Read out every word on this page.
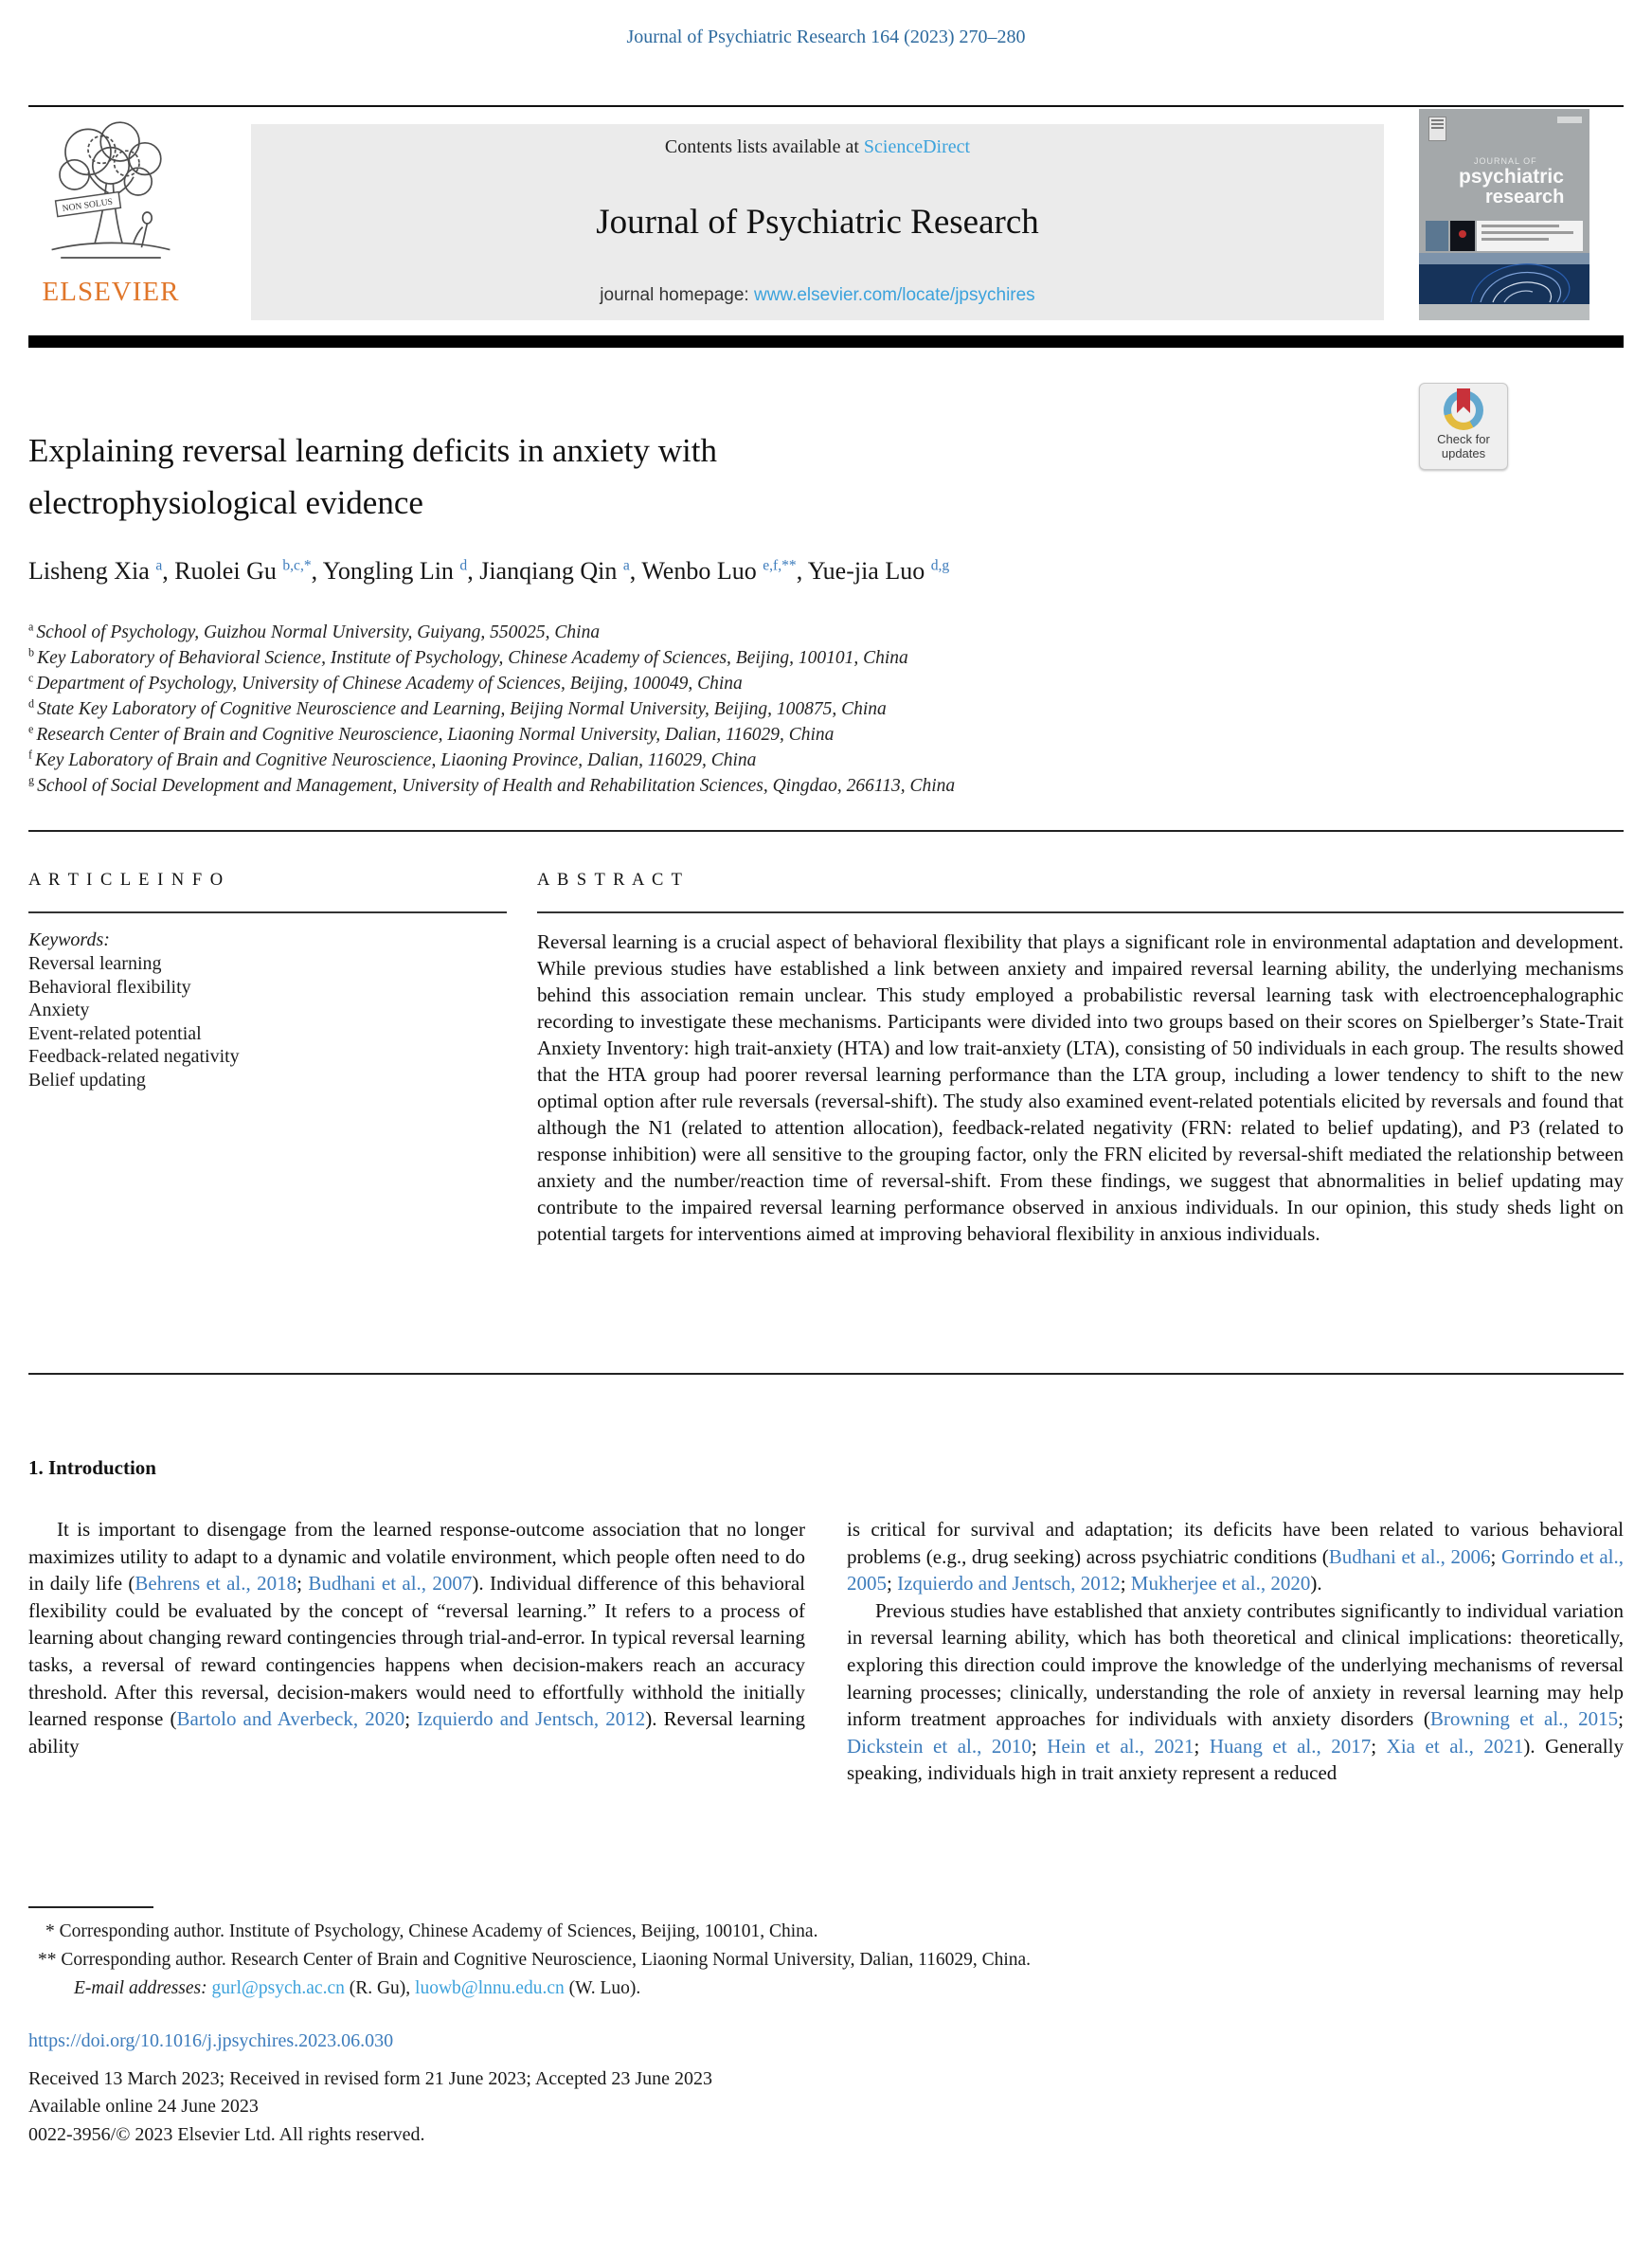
Journal of Psychiatric Research 164 (2023) 270–280
NON SOLUS
ELSEVIER
Contents lists available at ScienceDirect
Journal of Psychiatric Research
journal homepage: www.elsevier.com/locate/jpsychires
JOURNAL OF
psychiatric
research
Check for
updates
Explaining reversal learning deficits in anxiety with
electrophysiological evidence
Lisheng Xia $^a$, Ruolei Gu $^{b,c,*}$, Yongling Lin $^d$, Jianqiang Qin $^a$, Wenbo Luo $^{e,f,**}$, Yue-jia Luo $^{d,g}$
$^a$ School of Psychology, Guizhou Normal University, Guiyang, 550025, China
$^b$ Key Laboratory of Behavioral Science, Institute of Psychology, Chinese Academy of Sciences, Beijing, 100101, China
$^c$ Department of Psychology, University of Chinese Academy of Sciences, Beijing, 100049, China
$^d$ State Key Laboratory of Cognitive Neuroscience and Learning, Beijing Normal University, Beijing, 100875, China
$^e$ Research Center of Brain and Cognitive Neuroscience, Liaoning Normal University, Dalian, 116029, China
$^f$ Key Laboratory of Brain and Cognitive Neuroscience, Liaoning Province, Dalian, 116029, China
$^g$ School of Social Development and Management, University of Health and Rehabilitation Sciences, Qingdao, 266113, China
A R T I C L E I N F O
Keywords:
Reversal learning
Behavioral flexibility
Anxiety
Event-related potential
Feedback-related negativity
Belief updating
A B S T R A C T
Reversal learning is a crucial aspect of behavioral flexibility that plays a significant role in environmental adaptation and development. While previous studies have established a link between anxiety and impaired reversal learning ability, the underlying mechanisms behind this association remain unclear. This study employed a probabilistic reversal learning task with electroencephalographic recording to investigate these mechanisms. Participants were divided into two groups based on their scores on Spielberger’s State-Trait Anxiety Inventory: high trait-anxiety (HTA) and low trait-anxiety (LTA), consisting of 50 individuals in each group. The results showed that the HTA group had poorer reversal learning performance than the LTA group, including a lower tendency to shift to the new optimal option after rule reversals (reversal-shift). The study also examined event-related potentials elicited by reversals and found that although the N1 (related to attention allocation), feedback-related negativity (FRN: related to belief updating), and P3 (related to response inhibition) were all sensitive to the grouping factor, only the FRN elicited by reversal-shift mediated the relationship between anxiety and the number/reaction time of reversal-shift. From these findings, we suggest that abnormalities in belief updating may contribute to the impaired reversal learning performance observed in anxious individuals. In our opinion, this study sheds light on potential targets for interventions aimed at improving behavioral flexibility in anxious individuals.
1. Introduction
It is important to disengage from the learned response-outcome association that no longer maximizes utility to adapt to a dynamic and volatile environment, which people often need to do in daily life (Behrens et al., 2018; Budhani et al., 2007). Individual difference of this behavioral flexibility could be evaluated by the concept of “reversal learning.” It refers to a process of learning about changing reward contingencies through trial-and-error. In typical reversal learning tasks, a reversal of reward contingencies happens when decision-makers reach an accuracy threshold. After this reversal, decision-makers would need to effortfully withhold the initially learned response (Bartolo and Averbeck, 2020; Izquierdo and Jentsch, 2012). Reversal learning ability
is critical for survival and adaptation; its deficits have been related to various behavioral problems (e.g., drug seeking) across psychiatric conditions (Budhani et al., 2006; Gorrindo et al., 2005; Izquierdo and Jentsch, 2012; Mukherjee et al., 2020).
Previous studies have established that anxiety contributes significantly to individual variation in reversal learning ability, which has both theoretical and clinical implications: theoretically, exploring this direction could improve the knowledge of the underlying mechanisms of reversal learning processes; clinically, understanding the role of anxiety in reversal learning may help inform treatment approaches for individuals with anxiety disorders (Browning et al., 2015; Dickstein et al., 2010; Hein et al., 2021; Huang et al., 2017; Xia et al., 2021). Generally speaking, individuals high in trait anxiety represent a reduced
* Corresponding author. Institute of Psychology, Chinese Academy of Sciences, Beijing, 100101, China.
** Corresponding author. Research Center of Brain and Cognitive Neuroscience, Liaoning Normal University, Dalian, 116029, China.
E-mail addresses: gurl@psych.ac.cn (R. Gu), luowb@lnnu.edu.cn (W. Luo).
https://doi.org/10.1016/j.jpsychires.2023.06.030
Received 13 March 2023; Received in revised form 21 June 2023; Accepted 23 June 2023
Available online 24 June 2023
0022-3956/© 2023 Elsevier Ltd. All rights reserved.
